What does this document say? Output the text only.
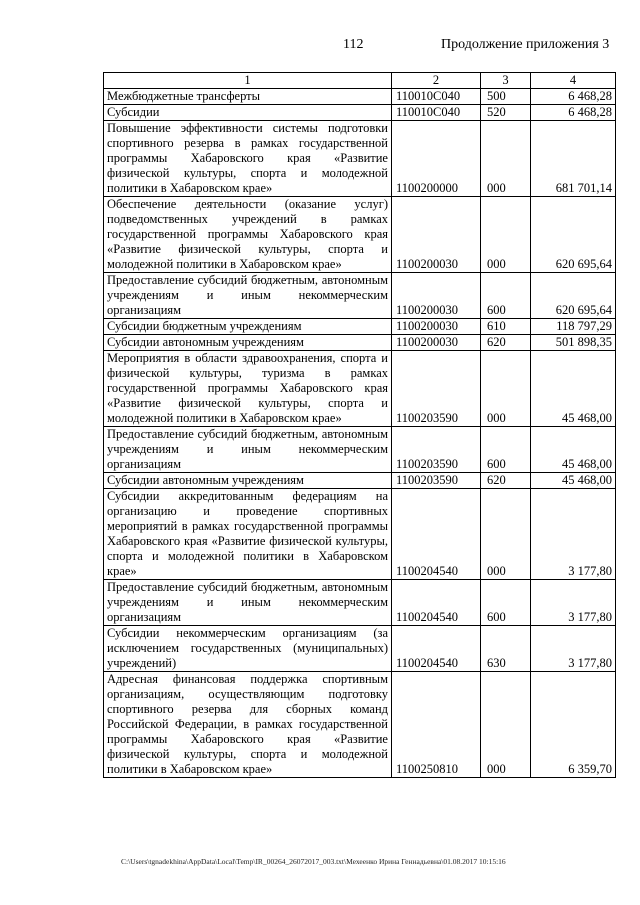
112	Продолжение приложения 3
1	2	3	4
Межбюджетные трансферты	110010С040	500	6 468,28
Субсидии	110010С040	520	6 468,28
Повышение эффективности системы подготовки спортивного резерва в рамках государственной программы Хабаровского края «Развитие физической культуры, спорта и молодежной политики в Хабаровском крае»	1100200000	000	681 701,14
Обеспечение деятельности (оказание услуг) подведомственных учреждений в рамках государственной программы Хабаровского края «Развитие физической культуры, спорта и молодежной политики в Хабаровском крае»	1100200030	000	620 695,64
Предоставление субсидий бюджетным, автономным учреждениям и иным некоммерческим организациям	1100200030	600	620 695,64
Субсидии бюджетным учреждениям	1100200030	610	118 797,29
Субсидии автономным учреждениям	1100200030	620	501 898,35
Мероприятия в области здравоохранения, спорта и физической культуры, туризма в рамках государственной программы Хабаровского края «Развитие физической культуры, спорта и молодежной политики в Хабаровском крае»	1100203590	000	45 468,00
Предоставление субсидий бюджетным, автономным учреждениям и иным некоммерческим организациям	1100203590	600	45 468,00
Субсидии автономным учреждениям	1100203590	620	45 468,00
Субсидии аккредитованным федерациям на организацию и проведение спортивных мероприятий в рамках государственной программы Хабаровского края «Развитие физической культуры, спорта и молодежной политики в Хабаровском крае»	1100204540	000	3 177,80
Предоставление субсидий бюджетным, автономным учреждениям и иным некоммерческим организациям	1100204540	600	3 177,80
Субсидии некоммерческим организациям (за исключением государственных (муниципальных) учреждений)	1100204540	630	3 177,80
Адресная финансовая поддержка спортивным организациям, осуществляющим подготовку спортивного резерва для сборных команд Российской Федерации, в рамках государственной программы Хабаровского края «Развитие физической культуры, спорта и молодежной политики в Хабаровском крае»	1100250810	000	6 359,70
C:\Users\tgnadekhina\AppData\Local\Temp\IR_00264_26072017_003.txt\Мехеенко Ирина Геннадьевна\01.08.2017 10:15:16
